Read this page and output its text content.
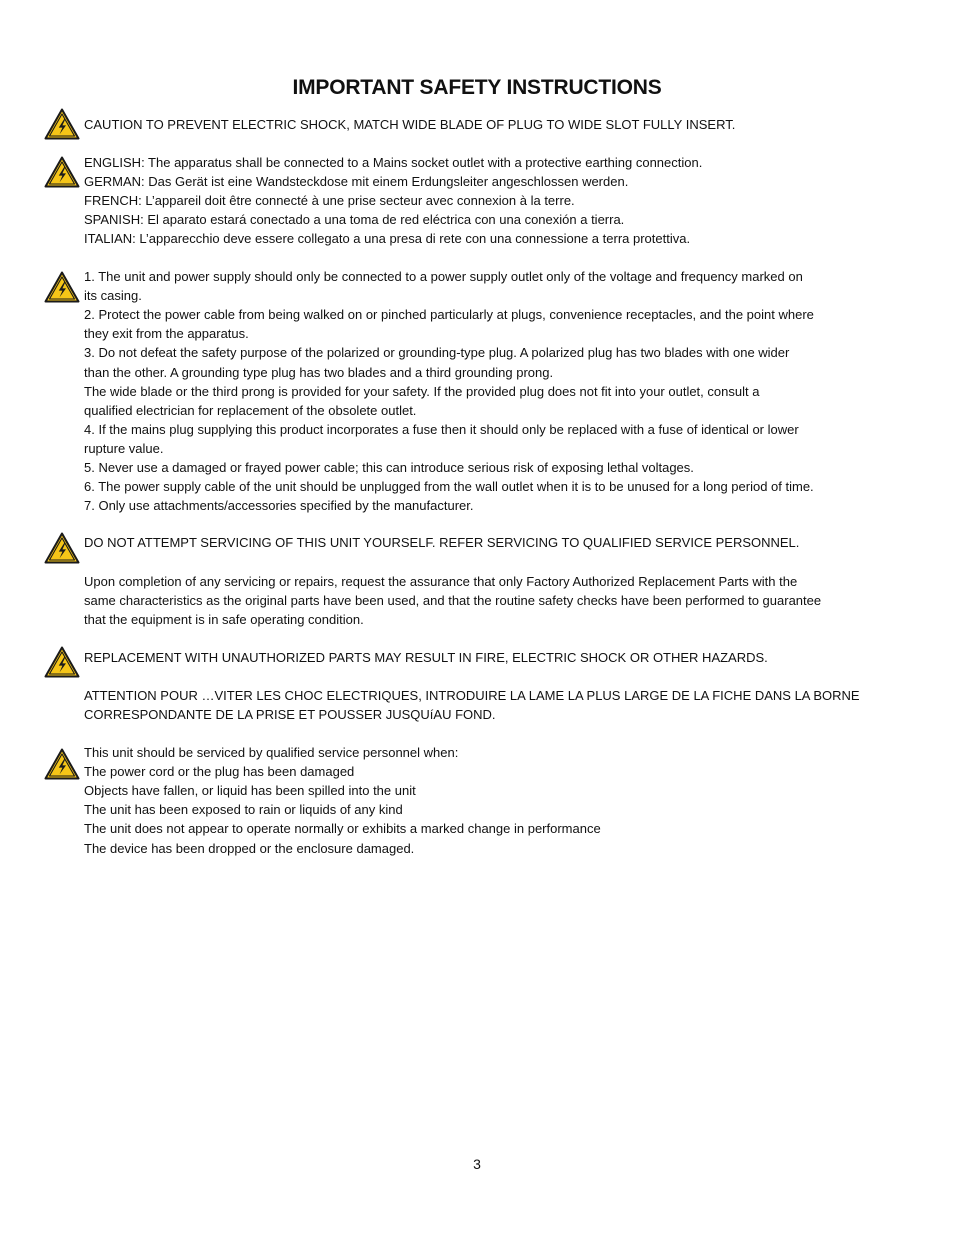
IMPORTANT SAFETY INSTRUCTIONS
CAUTION TO PREVENT ELECTRIC SHOCK, MATCH WIDE BLADE OF PLUG TO WIDE SLOT FULLY INSERT.
ENGLISH: The apparatus shall be connected to a Mains socket outlet with a protective earthing connection.
GERMAN: Das Gerät ist eine Wandsteckdose mit einem Erdungsleiter angeschlossen werden.
FRENCH: L’appareil doit être connecté à une prise secteur avec connexion à la terre.
SPANISH: El aparato estará conectado a una toma de red eléctrica con una conexión a tierra.
ITALIAN: L’apparecchio deve essere collegato a una presa di rete con una connessione a terra protettiva.
1. The unit and power supply should only be connected to a power supply outlet only of the voltage and frequency marked on
its casing.
2. Protect the power cable from being walked on or pinched particularly at plugs, convenience receptacles, and the point where
they exit from the apparatus.
3. Do not defeat the safety purpose of the polarized or grounding-type plug. A polarized plug has two blades with one wider
than the other. A grounding type plug has two blades and a third grounding prong.
The wide blade or the third prong is provided for your safety. If the provided plug does not fit into your outlet, consult a
qualified electrician for replacement of the obsolete outlet.
4. If the mains plug supplying this product incorporates a fuse then it should only be replaced with a fuse of identical or lower
rupture value.
5. Never use a damaged or frayed power cable; this can introduce serious risk of exposing lethal voltages.
6. The power supply cable of the unit should be unplugged from the wall outlet when it is to be unused for a long period of time.
7. Only use attachments/accessories specified by the manufacturer.
DO NOT ATTEMPT SERVICING OF THIS UNIT YOURSELF. REFER SERVICING TO QUALIFIED SERVICE PERSONNEL.
Upon completion of any servicing or repairs, request the assurance that only Factory Authorized Replacement Parts with the
same characteristics as the original parts have been used, and that the routine safety checks have been performed to guarantee
that the equipment is in safe operating condition.
REPLACEMENT WITH UNAUTHORIZED PARTS MAY RESULT IN FIRE, ELECTRIC SHOCK OR OTHER HAZARDS.
ATTENTION POUR …VITER LES CHOC ELECTRIQUES, INTRODUIRE LA LAME LA PLUS LARGE DE LA FICHE DANS LA BORNE
CORRESPONDANTE DE LA PRISE ET POUSSER JUSQUíAU FOND.
This unit should be serviced by qualified service personnel when:
The power cord or the plug has been damaged
Objects have fallen, or liquid has been spilled into the unit
The unit has been exposed to rain or liquids of any kind
The unit does not appear to operate normally or exhibits a marked change in performance
The device has been dropped or the enclosure damaged.
3
